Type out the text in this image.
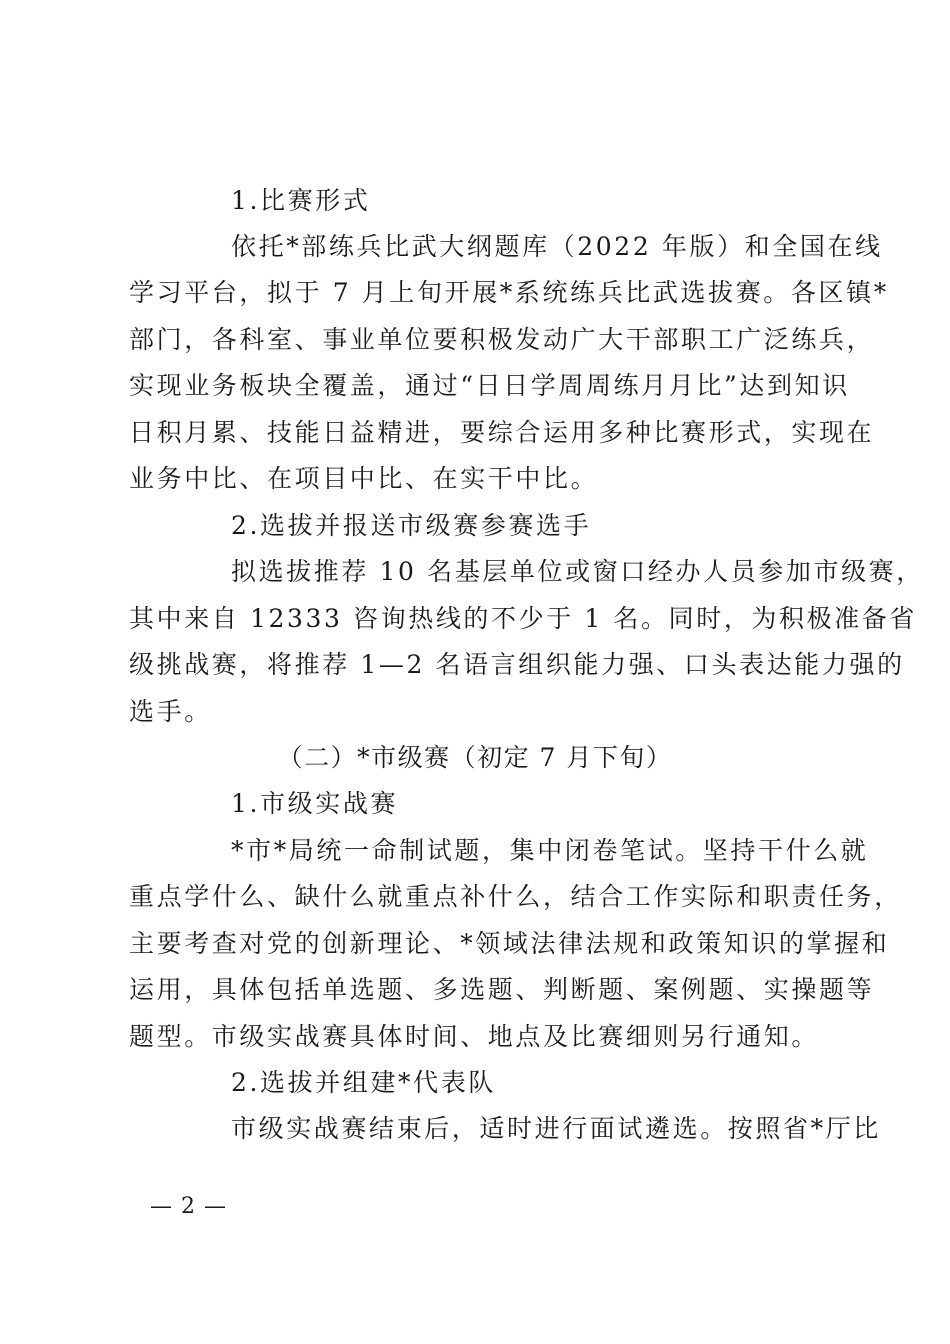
1.比赛形式
依托*部练兵比武大纲题库（2022 年版）和全国在线
学习平台，拟于 7 月上旬开展*系统练兵比武选拔赛。各区镇*
部门，各科室、事业单位要积极发动广大干部职工广泛练兵，
实现业务板块全覆盖，通过“日日学周周练月月比”达到知识
日积月累、技能日益精进，要综合运用多种比赛形式，实现在
业务中比、在项目中比、在实干中比。
2.选拔并报送市级赛参赛选手
拟选拔推荐 10 名基层单位或窗口经办人员参加市级赛，
其中来自 12333 咨询热线的不少于 1 名。同时，为积极准备省
级挑战赛，将推荐 1—2 名语言组织能力强、口头表达能力强的
选手。
（二）*市级赛（初定 7 月下旬）
1.市级实战赛
*市*局统一命制试题，集中闭卷笔试。坚持干什么就
重点学什么、缺什么就重点补什么，结合工作实际和职责任务，
主要考查对党的创新理论、*领域法律法规和政策知识的掌握和
运用，具体包括单选题、多选题、判断题、案例题、实操题等
题型。市级实战赛具体时间、地点及比赛细则另行通知。
2.选拔并组建*代表队
市级实战赛结束后，适时进行面试遴选。按照省*厅比
— 2 —
